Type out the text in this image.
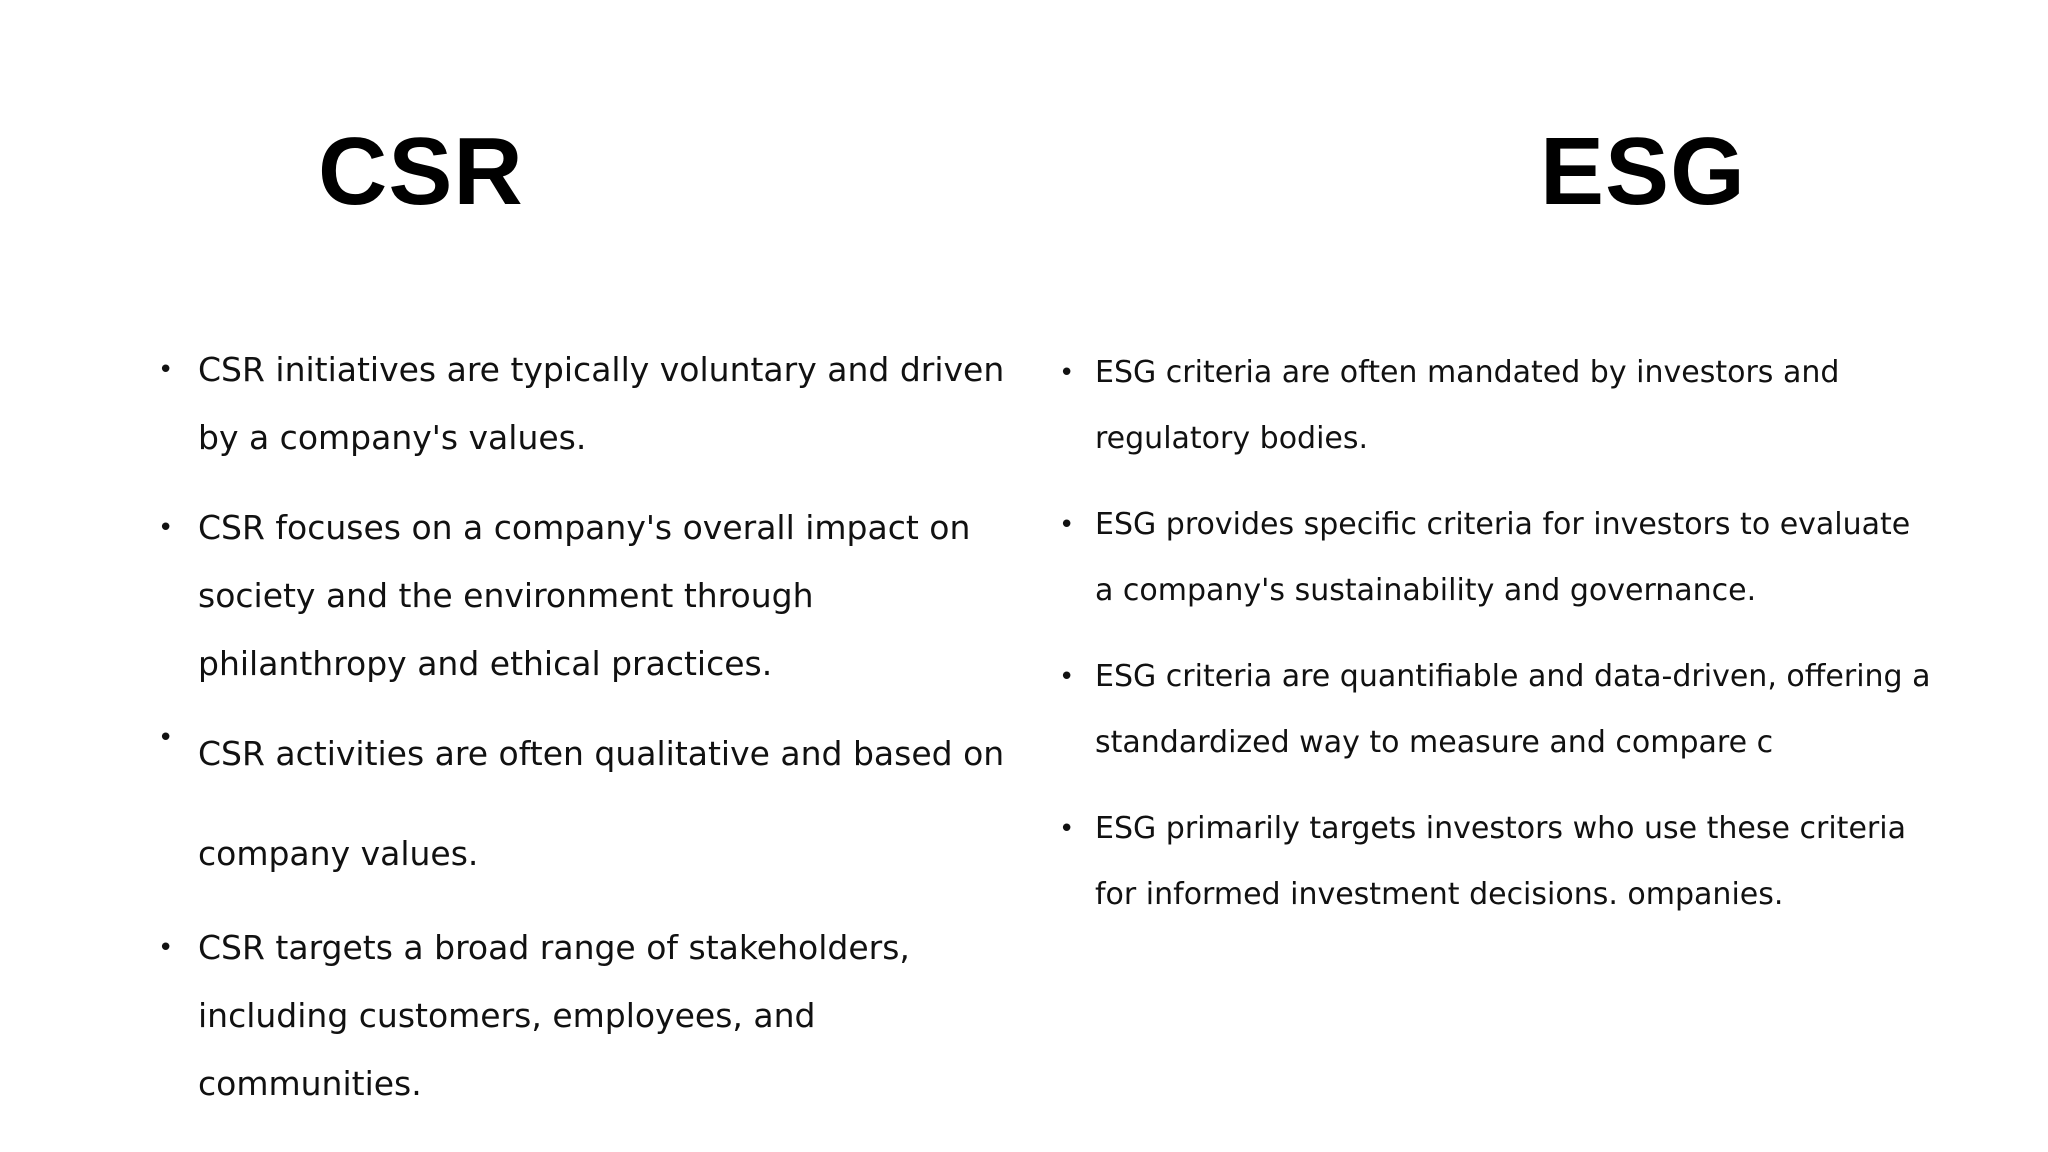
CSR	ESG
• CSR initiatives are typically voluntary and driven by a company's values.
• CSR focuses on a company's overall impact on society and the environment through philanthropy and ethical practices.
• CSR activities are often qualitative and based on company values.
• CSR targets a broad range of stakeholders, including customers, employees, and communities.
• ESG criteria are often mandated by investors and regulatory bodies.
• ESG provides specific criteria for investors to evaluate a company's sustainability and governance.
• ESG criteria are quantifiable and data-driven, offering a standardized way to measure and compare c
• ESG primarily targets investors who use these criteria for informed investment decisions. ompanies.
